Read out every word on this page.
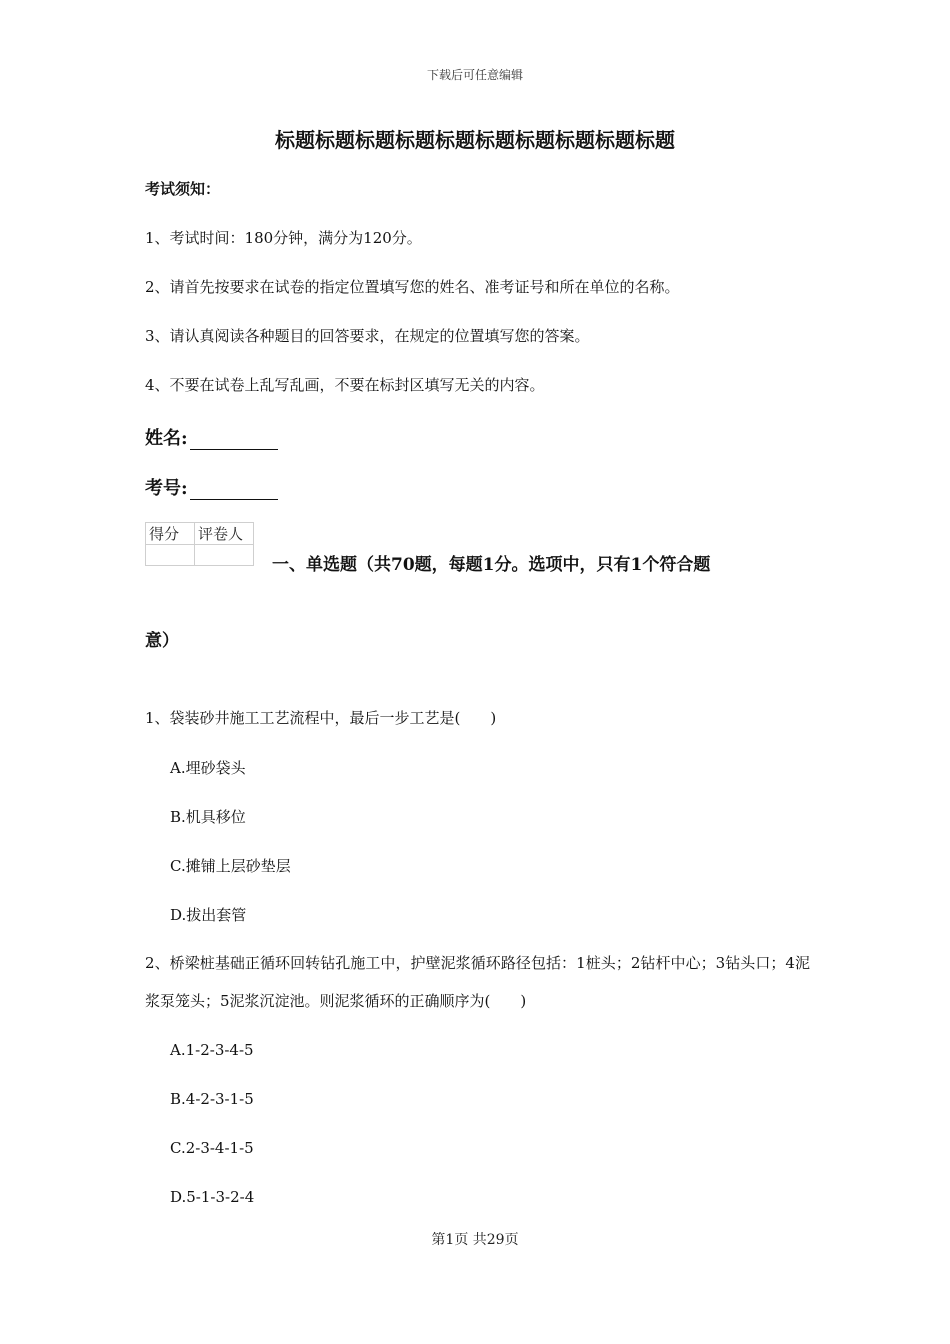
下载后可任意编辑
标题标题标题标题标题标题标题标题标题标题
考试须知：
1、考试时间：180分钟，满分为120分。
2、请首先按要求在试卷的指定位置填写您的姓名、准考证号和所在单位的名称。
3、请认真阅读各种题目的回答要求，在规定的位置填写您的答案。
4、不要在试卷上乱写乱画，不要在标封区填写无关的内容。
姓名:
考号:
得分	评卷人

一、单选题（共70题，每题1分。选项中，只有1个符合题
意）
1、袋装砂井施工工艺流程中，最后一步工艺是(　　)
A.埋砂袋头
B.机具移位
C.摊铺上层砂垫层
D.拔出套管
2、桥梁桩基础正循环回转钻孔施工中，护壁泥浆循环路径包括：1桩头；2钻杆中心；3钻头口；4泥浆泵笼头；5泥浆沉淀池。则泥浆循环的正确顺序为(　　)
A.1-2-3-4-5
B.4-2-3-1-5
C.2-3-4-1-5
D.5-1-3-2-4
第1页 共29页
